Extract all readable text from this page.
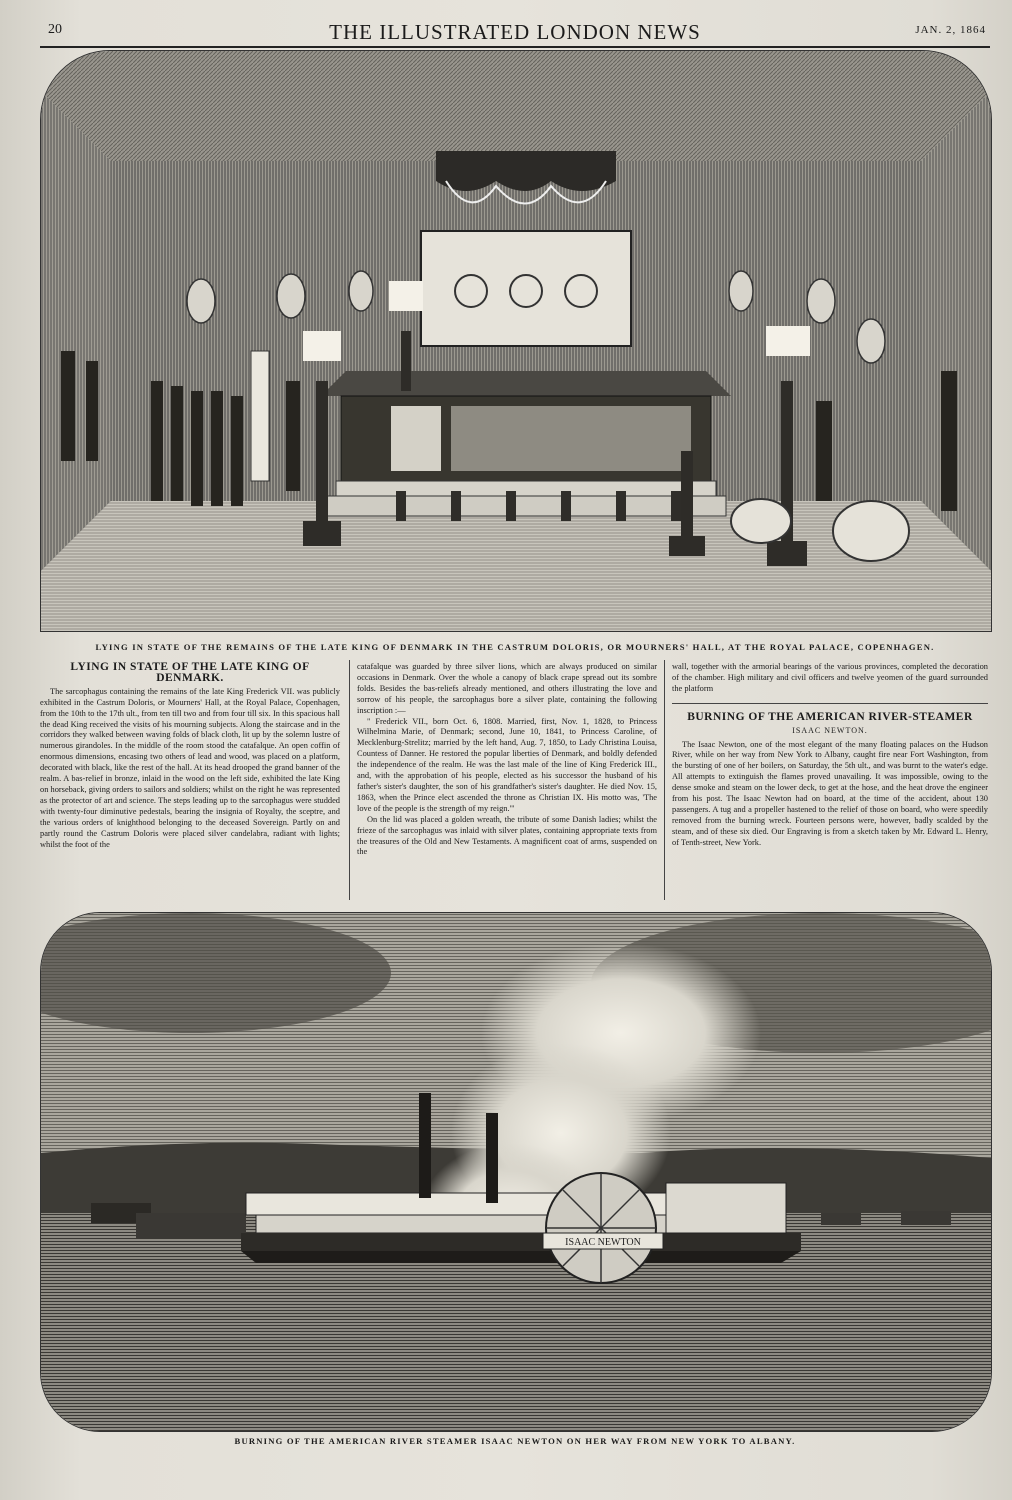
20	THE ILLUSTRATED LONDON NEWS	JAN. 2, 1864
LYING IN STATE OF THE REMAINS OF THE LATE KING OF DENMARK IN THE CASTRUM DOLORIS, OR MOURNERS' HALL, AT THE ROYAL PALACE, COPENHAGEN.
LYING IN STATE OF THE LATE KING OF DENMARK.

The sarcophagus containing the remains of the late King Frederick VII. was publicly exhibited in the Castrum Doloris, or Mourners' Hall, at the Royal Palace, Copenhagen, from the 10th to the 17th ult., from ten till two and from four till six. In this spacious hall the dead King received the visits of his mourning subjects. Along the staircase and in the corridors they walked between waving folds of black cloth, lit up by the solemn lustre of numerous girandoles. In the middle of the room stood the catafalque. An open coffin of enormous dimensions, encasing two others of lead and wood, was placed on a platform, decorated with black, like the rest of the hall. At its head drooped the grand banner of the realm. A bas-relief in bronze, inlaid in the wood on the left side, exhibited the late King on horseback, giving orders to sailors and soldiers; whilst on the right he was represented as the protector of art and science. The steps leading up to the sarcophagus were studded with twenty-four diminutive pedestals, bearing the insignia of Royalty, the sceptre, and the various orders of knighthood belonging to the deceased Sovereign. Partly on and partly round the Castrum Doloris were placed silver candelabra, radiant with lights; whilst the foot of the

catafalque was guarded by three silver lions, which are always produced on similar occasions in Denmark. Over the whole a canopy of black crape spread out its sombre folds. Besides the bas-reliefs already mentioned, and others illustrating the love and sorrow of his people, the sarcophagus bore a silver plate, containing the following inscription :—

" Frederick VII., born Oct. 6, 1808. Married, first, Nov. 1, 1828, to Princess Wilhelmina Marie, of Denmark; second, June 10, 1841, to Princess Caroline, of Mecklenburg-Strelitz; married by the left hand, Aug. 7, 1850, to Lady Christina Louisa, Countess of Danner. He restored the popular liberties of Denmark, and boldly defended the independence of the realm. He was the last male of the line of King Frederick III., and, with the approbation of his people, elected as his successor the husband of his father's sister's daughter, the son of his grandfather's sister's daughter. He died Nov. 15, 1863, when the Prince elect ascended the throne as Christian IX. His motto was, 'The love of the people is the strength of my reign.'"

On the lid was placed a golden wreath, the tribute of some Danish ladies; whilst the frieze of the sarcophagus was inlaid with silver plates, containing appropriate texts from the treasures of the Old and New Testaments. A magnificent coat of arms, suspended on the

wall, together with the armorial bearings of the various provinces, completed the decoration of the chamber. High military and civil officers and twelve yeomen of the guard surrounded the platform

BURNING OF THE AMERICAN RIVER-STEAMER
ISAAC NEWTON.

The Isaac Newton, one of the most elegant of the many floating palaces on the Hudson River, while on her way from New York to Albany, caught fire near Fort Washington, from the bursting of one of her boilers, on Saturday, the 5th ult., and was burnt to the water's edge. All attempts to extinguish the flames proved unavailing. It was impossible, owing to the dense smoke and steam on the lower deck, to get at the hose, and the heat drove the engineer from his post. The Isaac Newton had on board, at the time of the accident, about 130 passengers. A tug and a propeller hastened to the relief of those on board, who were speedily removed from the burning wreck. Fourteen persons were, however, badly scalded by the steam, and of these six died. Our Engraving is from a sketch taken by Mr. Edward L. Henry, of Tenth-street, New York.

ISAAC NEWTON
BURNING OF THE AMERICAN RIVER STEAMER ISAAC NEWTON ON HER WAY FROM NEW YORK TO ALBANY.
